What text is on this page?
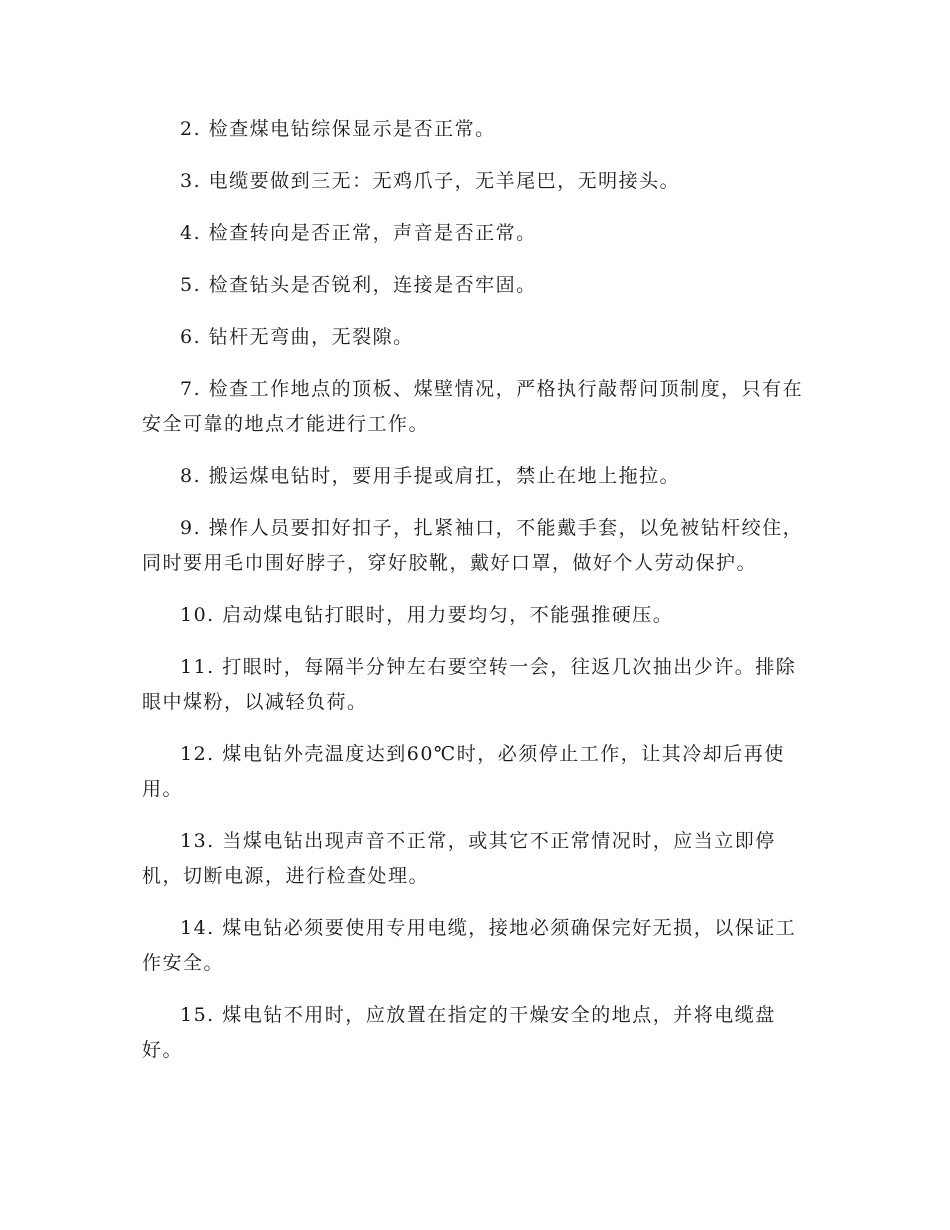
2. 检查煤电钻综保显示是否正常。

3. 电缆要做到三无：无鸡爪子，无羊尾巴，无明接头。

4. 检查转向是否正常，声音是否正常。

5. 检查钻头是否锐利，连接是否牢固。

6. 钻杆无弯曲，无裂隙。

7. 检查工作地点的顶板、煤壁情况，严格执行敲帮问顶制度，只有在安全可靠的地点才能进行工作。

8. 搬运煤电钻时，要用手提或肩扛，禁止在地上拖拉。

9. 操作人员要扣好扣子，扎紧袖口，不能戴手套，以免被钻杆绞住，同时要用毛巾围好脖子，穿好胶靴，戴好口罩，做好个人劳动保护。

10. 启动煤电钻打眼时，用力要均匀，不能强推硬压。

11. 打眼时，每隔半分钟左右要空转一会，往返几次抽出少许。排除眼中煤粉，以减轻负荷。

12. 煤电钻外壳温度达到60℃时，必须停止工作，让其冷却后再使用。

13. 当煤电钻出现声音不正常，或其它不正常情况时，应当立即停机，切断电源，进行检查处理。

14. 煤电钻必须要使用专用电缆，接地必须确保完好无损，以保证工作安全。

15. 煤电钻不用时，应放置在指定的干燥安全的地点，并将电缆盘好。
